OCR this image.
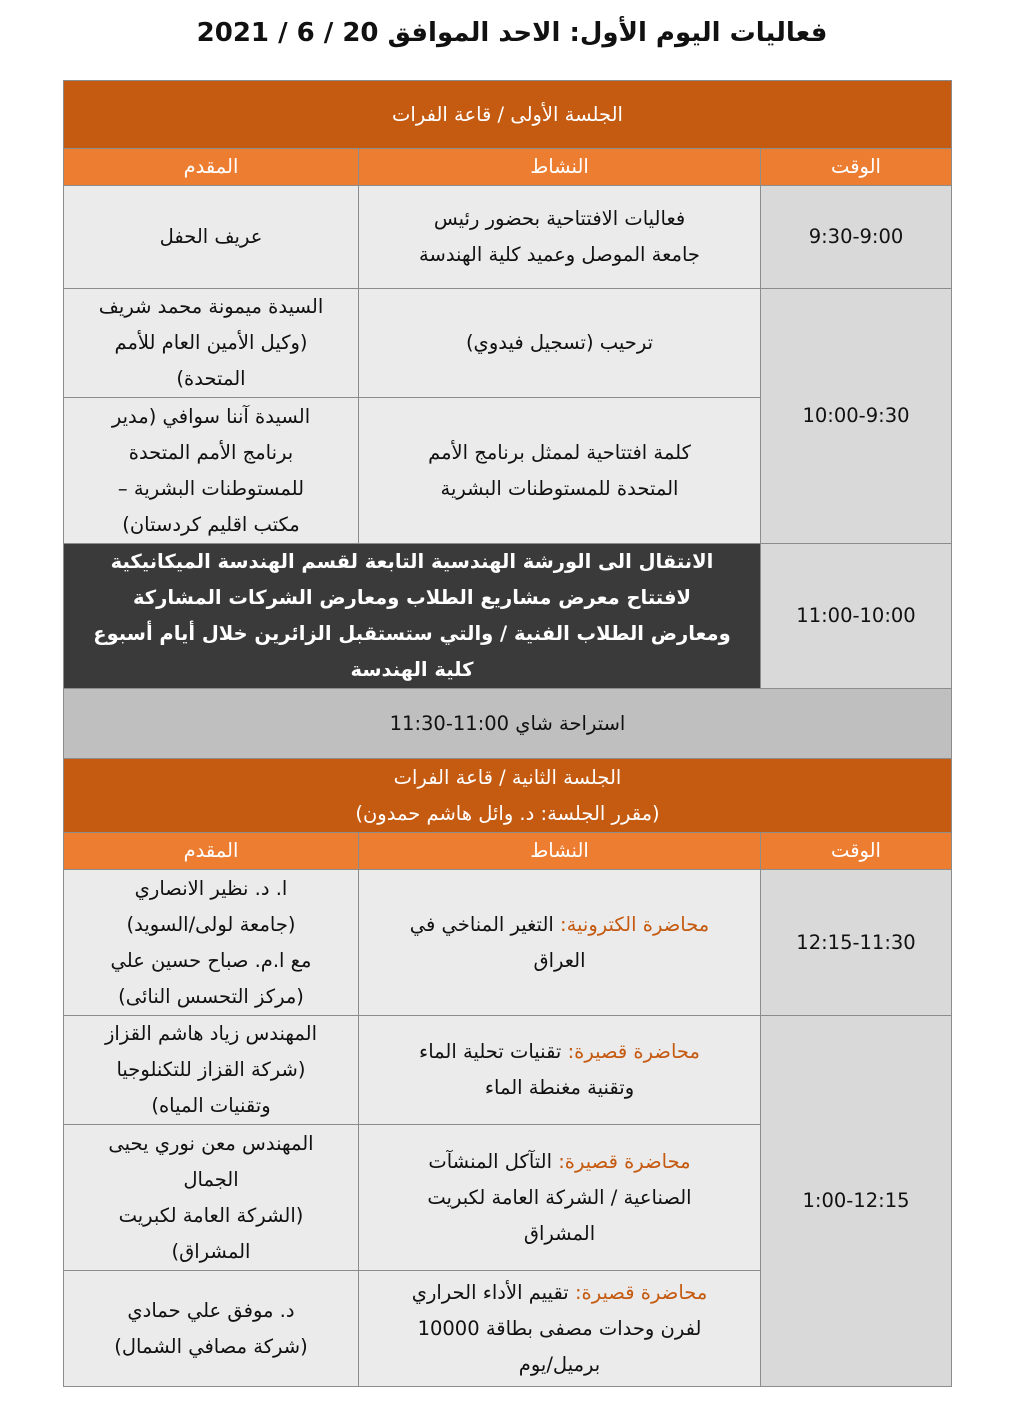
فعاليات اليوم الأول: الاحد الموافق 20 / 6 / 2021
الجلسة الأولى / قاعة الفرات		
الوقت	النشاط	المقدم
9:30-9:00	فعاليات الافتتاحية بحضور رئيس
جامعة الموصل وعميد كلية الهندسة	عريف الحفل

10:00-9:30	ترحيب (تسجيل فيدوي)	السيدة ميمونة محمد شريف
(وكيل الأمين العام للأمم
المتحدة)

	كلمة افتتاحية لممثل برنامج الأمم
المتحدة للمستوطنات البشرية	السيدة آننا سوافي (مدير
برنامج الأمم المتحدة
للمستوطنات البشرية –
مكتب اقليم كردستان)

11:00-10:00	الانتقال الى الورشة الهندسية التابعة لقسم الهندسة الميكانيكية
لافتتاح معرض مشاريع الطلاب ومعارض الشركات المشاركة
ومعارض الطلاب الفنية / والتي ستستقبل الزائرين خلال أيام أسبوع
كلية الهندسة	

استراحة شاي 11:00-11:30		

الجلسة الثانية / قاعة الفرات
(مقرر الجلسة: د. وائل هاشم حمدون)		

الوقت	النشاط	المقدم
12:15-11:30	محاضرة الكترونية: التغير المناخي في
العراق	ا. د. نظير الانصاري
(جامعة لولى/السويد)
مع ا.م. صباح حسين علي
(مركز التحسس النائى)

1:00-12:15	محاضرة قصيرة: تقنيات تحلية الماء
وتقنية مغنطة الماء	المهندس زياد هاشم القزاز
(شركة القزاز للتكنلوجيا
وتقنيات المياه)

	محاضرة قصيرة: التآكل المنشآت
الصناعية / الشركة العامة لكبريت
المشراق	المهندس معن نوري يحيى
الجمال
(الشركة العامة لكبريت
المشراق)

	محاضرة قصيرة: تقييم الأداء الحراري
لفرن وحدات مصفى بطاقة 10000
برميل/يوم	د. موفق علي حمادي
(شركة مصافي الشمال)
